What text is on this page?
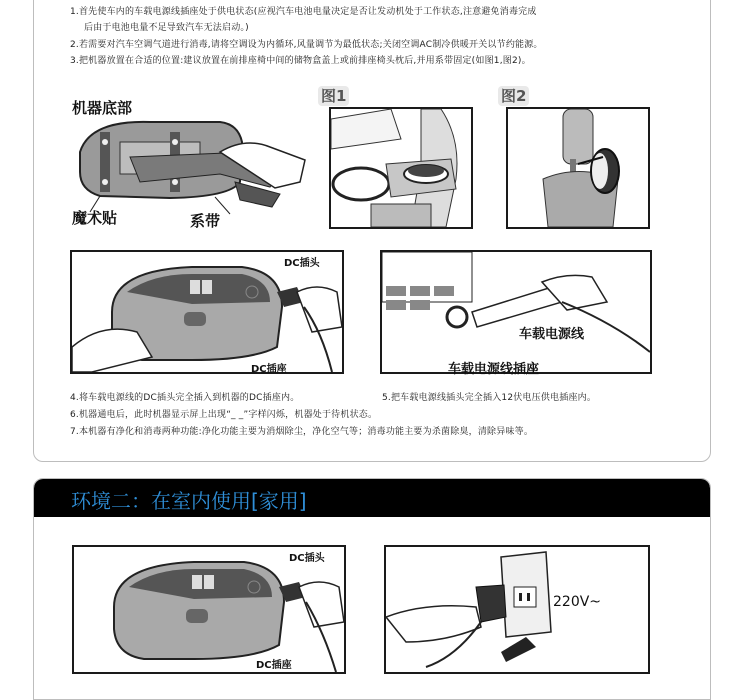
1.首先使车内的车载电源线插座处于供电状态(应视汽车电池电量决定是否让发动机处于工作状态,注意避免消毒完成
后由于电池电量不足导致汽车无法启动。)
2.若需要对汽车空调气道进行消毒,请将空调设为内循环,风量调节为最低状态;关闭空调AC制冷供暖开关以节约能源。
3.把机器放置在合适的位置:建议放置在前排座椅中间的储物盒盖上或前排座椅头枕后,并用系带固定(如图1,图2)。
机器底部
魔术贴	系带
图1	图2
DC插头
DC插座
车载电源线
车载电源线插座
4.将车载电源线的DC插头完全插入到机器的DC插座内。	5.把车载电源线插头完全插入12伏电压供电插座内。
6.机器通电后，此时机器显示屏上出现“_ _”字样闪烁，机器处于待机状态。
7.本机器有净化和消毒两种功能:净化功能主要为消烟除尘，净化空气等；消毒功能主要为杀菌除臭，清除异味等。
环境二：在室内使用[家用]
DC插头
DC插座
220V~
